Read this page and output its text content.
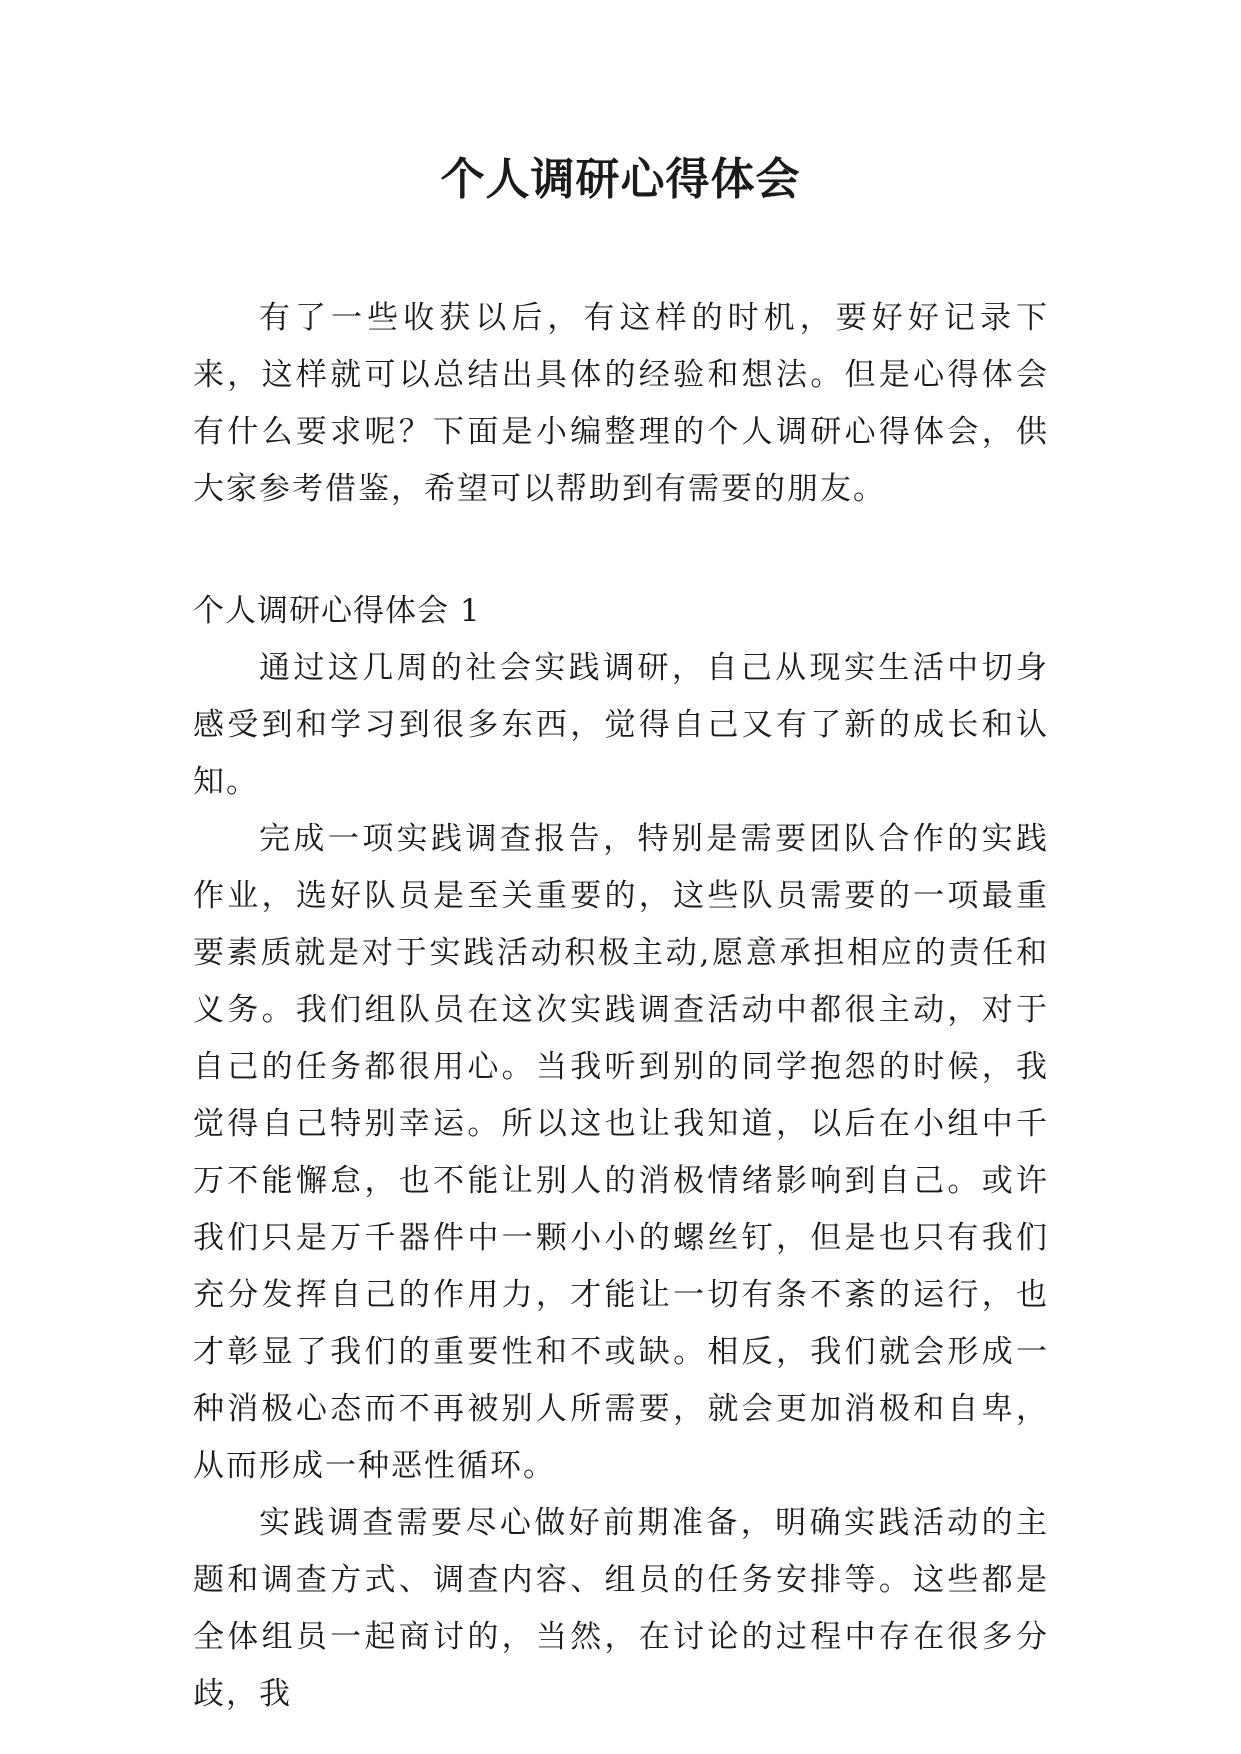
个人调研心得体会

有了一些收获以后，有这样的时机，要好好记录下来，这样就可以总结出具体的经验和想法。但是心得体会有什么要求呢？下面是小编整理的个人调研心得体会，供大家参考借鉴，希望可以帮助到有需要的朋友。

个人调研心得体会 1

通过这几周的社会实践调研，自己从现实生活中切身感受到和学习到很多东西，觉得自己又有了新的成长和认知。

完成一项实践调查报告，特别是需要团队合作的实践作业，选好队员是至关重要的，这些队员需要的一项最重要素质就是对于实践活动积极主动,愿意承担相应的责任和义务。我们组队员在这次实践调查活动中都很主动，对于自己的任务都很用心。当我听到别的同学抱怨的时候，我觉得自己特别幸运。所以这也让我知道，以后在小组中千万不能懈怠，也不能让别人的消极情绪影响到自己。或许我们只是万千器件中一颗小小的螺丝钉，但是也只有我们充分发挥自己的作用力，才能让一切有条不紊的运行，也才彰显了我们的重要性和不或缺。相反，我们就会形成一种消极心态而不再被别人所需要，就会更加消极和自卑，从而形成一种恶性循环。

实践调查需要尽心做好前期准备，明确实践活动的主题和调查方式、调查内容、组员的任务安排等。这些都是全体组员一起商讨的，当然，在讨论的过程中存在很多分歧，我
